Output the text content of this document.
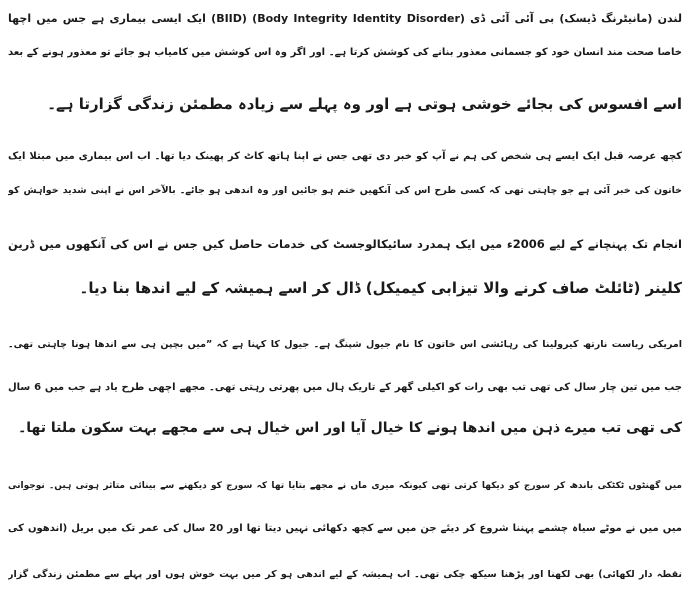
لندن (مانیٹرنگ ڈیسک) بی آئی آئی ڈی (Body Integrity Identity Disorder) (BIID) ایک ایسی بیماری ہے جس میں اچھا
خاصا صحت مند انسان خود کو جسمانی معذور بنانے کی کوشش کرتا ہے۔ اور اگر وہ اس کوشش میں کامیاب ہو جائے تو معذور ہونے کے بعد
اسے افسوس کی بجائے خوشی ہوتی ہے اور وہ پہلے سے زیادہ مطمئن زندگی گزارتا ہے۔
کچھ عرصہ قبل ایک ایسے ہی شخص کی ہم نے آپ کو خبر دی تھی جس نے اپنا ہاتھ کاٹ کر پھینک دیا تھا۔ اب اس بیماری میں مبتلا ایک
خاتون کی خبر آئی ہے جو چاہتی تھی کہ کسی طرح اس کی آنکھیں ختم ہو جائیں اور وہ اندھی ہو جائے۔ بالآخر اس نے اپنی شدید خواہش کو
انجام تک پہنچانے کے لیے 2006ء میں ایک ہمدرد سائیکالوجسٹ کی خدمات حاصل کیں جس نے اس کی آنکھوں میں ڈرین
کلینر (ٹائلٹ صاف کرنے والا تیزابی کیمیکل) ڈال کر اسے ہمیشہ کے لیے اندھا بنا دیا۔
امریکی ریاست نارتھ کیرولینا کی رہائشی اس خاتون کا نام جیول شپنگ ہے۔ جیول کا کہنا ہے کہ ”میں بچپن ہی سے اندھا ہونا چاہتی تھی۔
جب میں تین چار سال کی تھی تب بھی رات کو اکیلی گھر کے تاریک ہال میں پھرتی رہتی تھی۔ مجھے اچھی طرح یاد ہے جب میں 6 سال
کی تھی تب میرے ذہن میں اندھا ہونے کا خیال آیا اور اس خیال ہی سے مجھے بہت سکون ملتا تھا۔
میں گھنٹوں ٹکٹکی باندھ کر سورج کو دیکھا کرتی تھی کیونکہ میری ماں نے مجھے بتایا تھا کہ سورج کو دیکھنے سے بینائی متاثر ہوتی ہیں۔ نوجوانی
میں میں نے موٹے سیاہ چشمے پہننا شروع کر دیئے جن میں سے کچھ دکھائی نہیں دیتا تھا اور 20 سال کی عمر تک میں بریل (اندھوں کی
نقطہ دار لکھائی) بھی لکھنا اور پڑھنا سیکھ چکی تھی۔ اب ہمیشہ کے لیے اندھی ہو کر میں بہت خوش ہوں اور پہلے سے مطمئن زندگی گزار
